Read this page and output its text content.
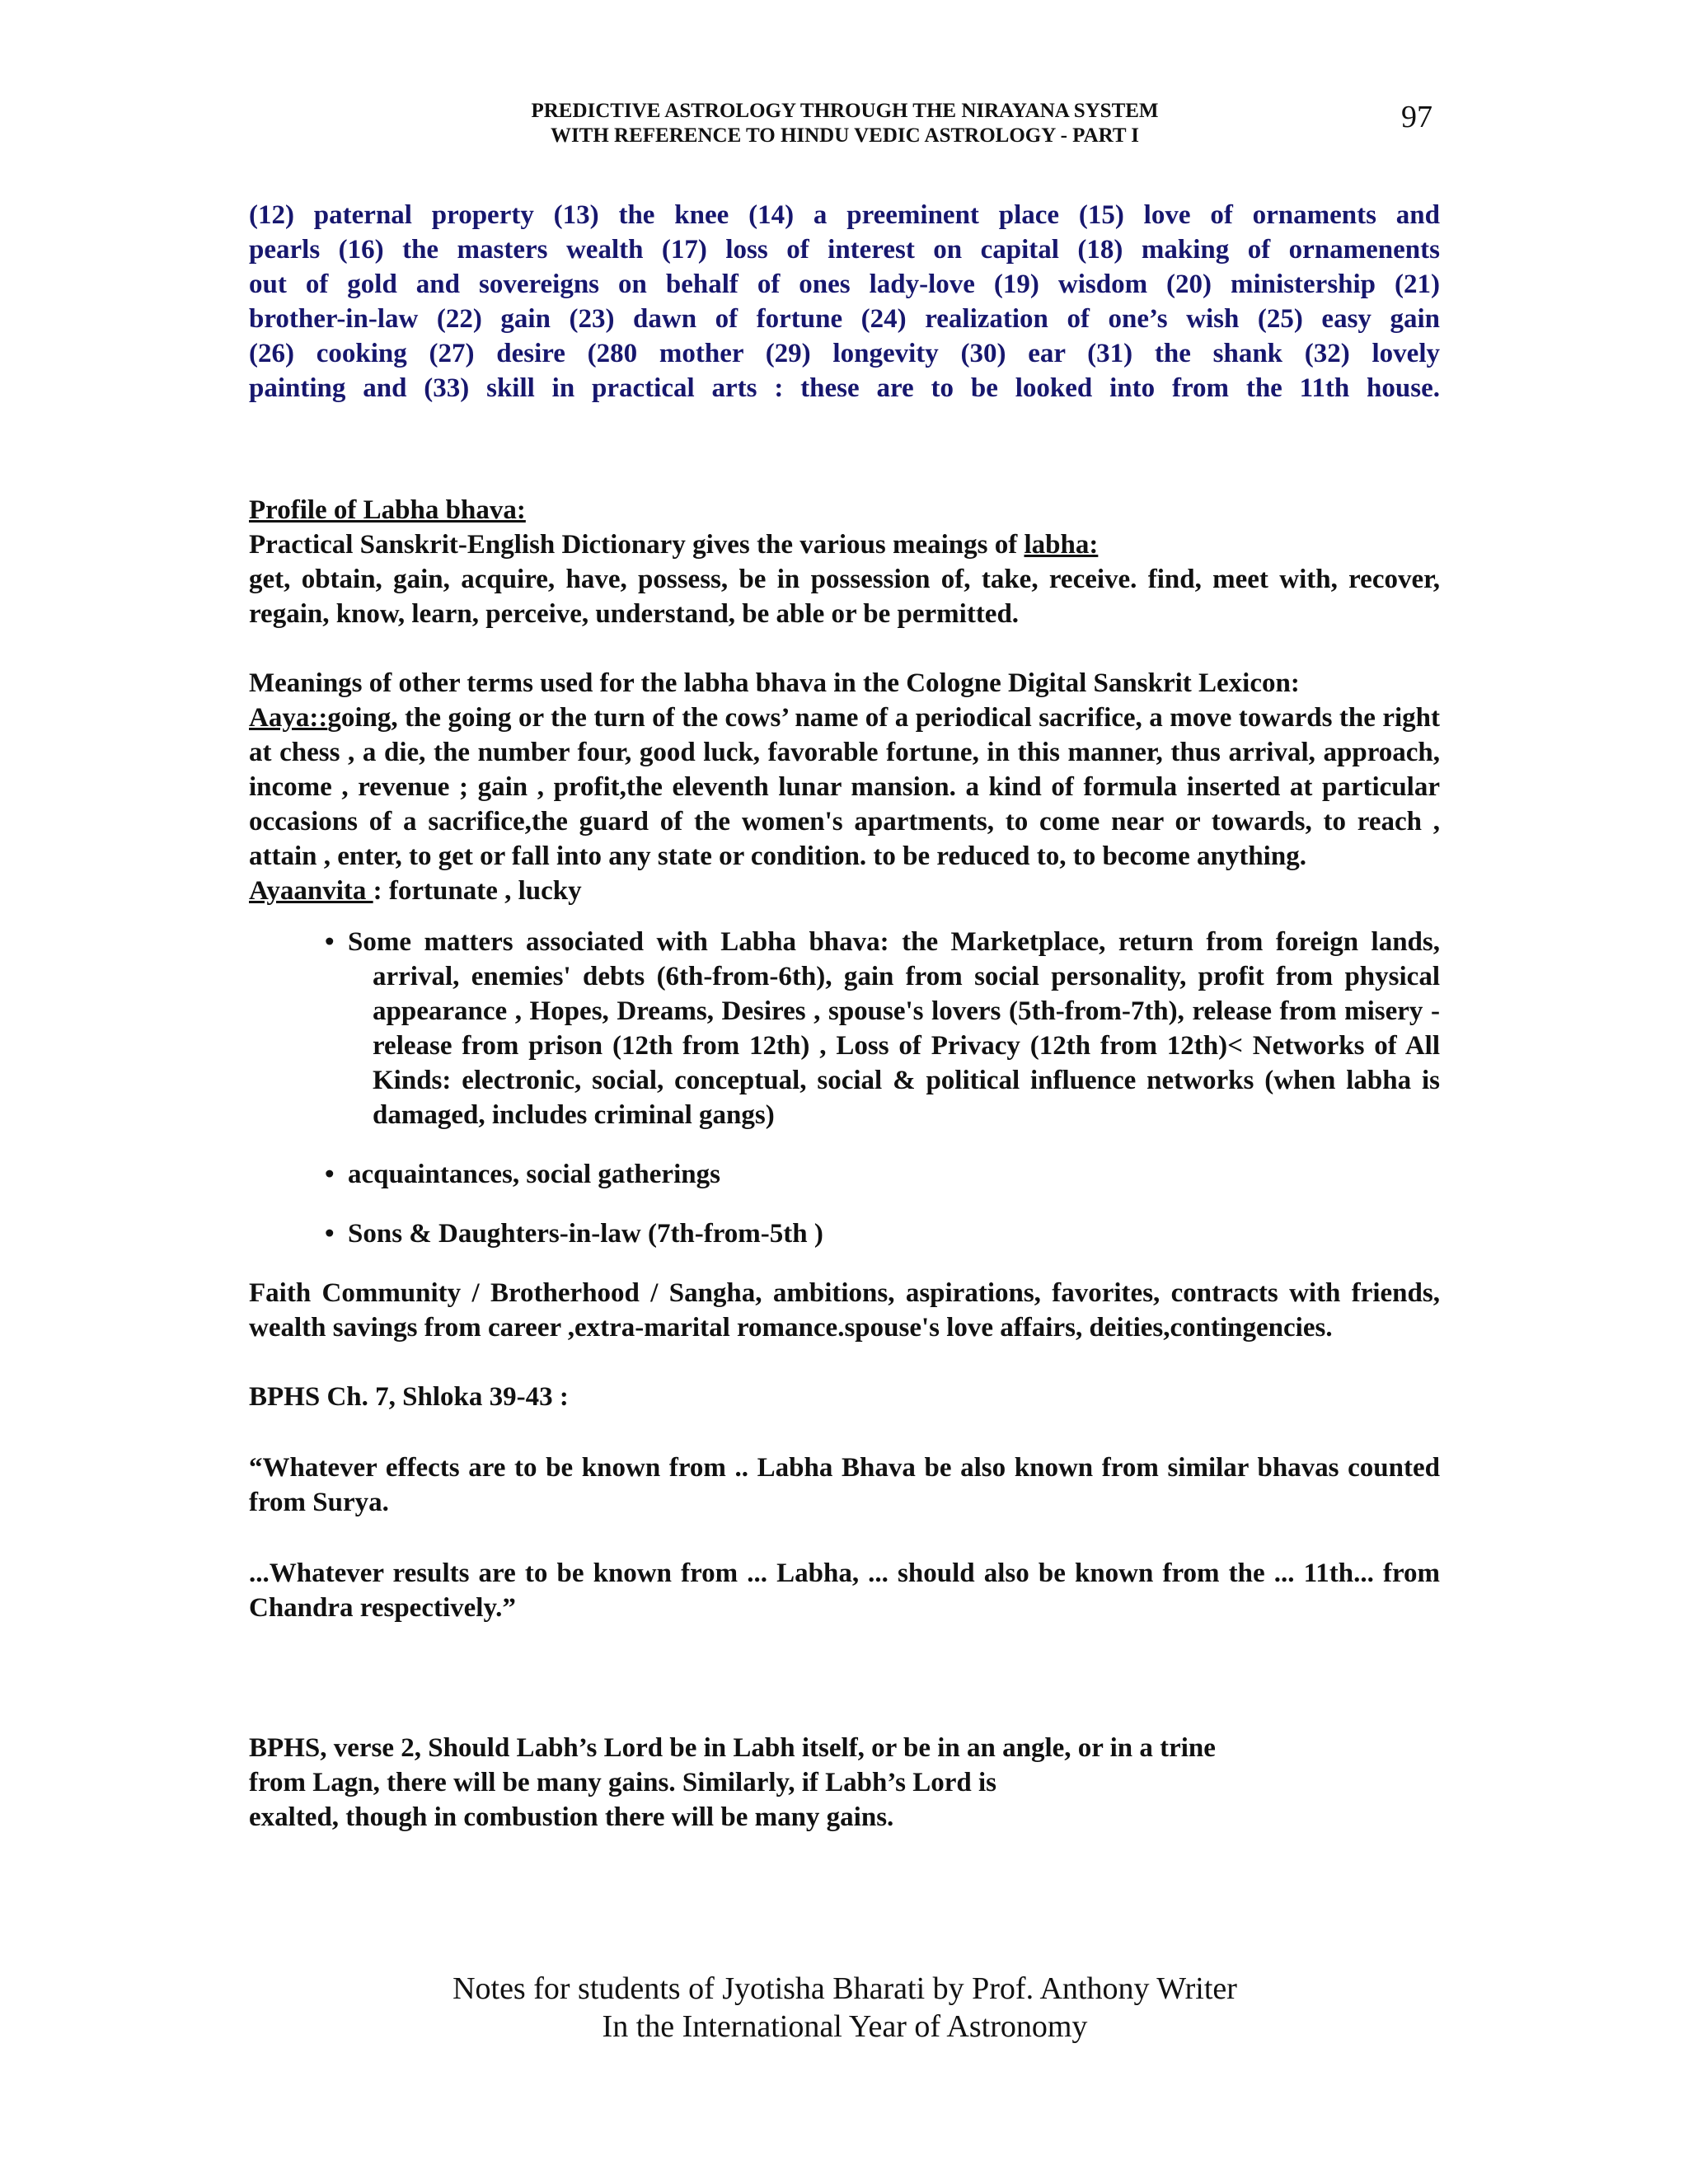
PREDICTIVE ASTROLOGY THROUGH THE NIRAYANA SYSTEM
WITH REFERENCE TO HINDU VEDIC ASTROLOGY - PART I
97

(12) paternal property (13) the knee (14) a preeminent place (15) love of ornaments and

pearls (16) the masters wealth (17) loss of interest on capital (18) making of ornamenents

out of gold and sovereigns on behalf of ones lady-love (19) wisdom (20) ministership (21)

brother-in-law (22) gain (23) dawn of fortune (24) realization of one’s wish (25) easy gain

(26) cooking (27) desire (280 mother (29) longevity (30) ear (31) the shank (32) lovely

painting and (33) skill in practical arts : these are to be looked into from the 11th house.

Profile of Labha bhava:

Practical Sanskrit-English Dictionary gives the various meaings of labha:

get, obtain, gain, acquire, have, possess, be in possession of, take, receive. find, meet with, recover, regain, know, learn, perceive, understand, be able or be permitted.

Meanings of other terms used for the labha bhava in the Cologne Digital Sanskrit Lexicon:

Aaya::going, the going or the turn of the cows’ name of a periodical sacrifice, a move towards the right at chess , a die, the number four, good luck, favorable fortune, in this manner, thus arrival, approach, income , revenue ; gain , profit,the eleventh lunar mansion. a kind of formula inserted at particular occasions of a sacrifice,the guard of the women's apartments, to come near or towards, to reach , attain , enter, to get or fall into any state or condition. to be reduced to, to become anything.

Ayaanvita : fortunate , lucky

• Some matters associated with Labha bhava: the Marketplace, return from foreign lands, arrival, enemies' debts (6th-from-6th), gain from social personality, profit from physical appearance , Hopes, Dreams, Desires , spouse's lovers (5th-from-7th), release from misery - release from prison (12th from 12th) , Loss of Privacy (12th from 12th)< Networks of All Kinds: electronic, social, conceptual, social & political influence networks (when labha is damaged, includes criminal gangs)
• acquaintances, social gatherings
• Sons & Daughters-in-law (7th-from-5th )

Faith Community / Brotherhood / Sangha, ambitions, aspirations, favorites, contracts with friends, wealth savings from career ,extra-marital romance.spouse's love affairs, deities,contingencies.

BPHS Ch. 7, Shloka 39-43 :

“Whatever effects are to be known from .. Labha Bhava be also known from similar bhavas counted from Surya.

...Whatever results are to be known from ... Labha, ... should also be known from the ... 11th... from Chandra respectively.”

BPHS, verse 2, Should Labh’s Lord be in Labh itself, or be in an angle, or in a trine

from Lagn, there will be many gains. Similarly, if Labh’s Lord is

exalted, though in combustion there will be many gains.

Notes for students of Jyotisha Bharati by Prof. Anthony Writer
In the International Year of Astronomy
